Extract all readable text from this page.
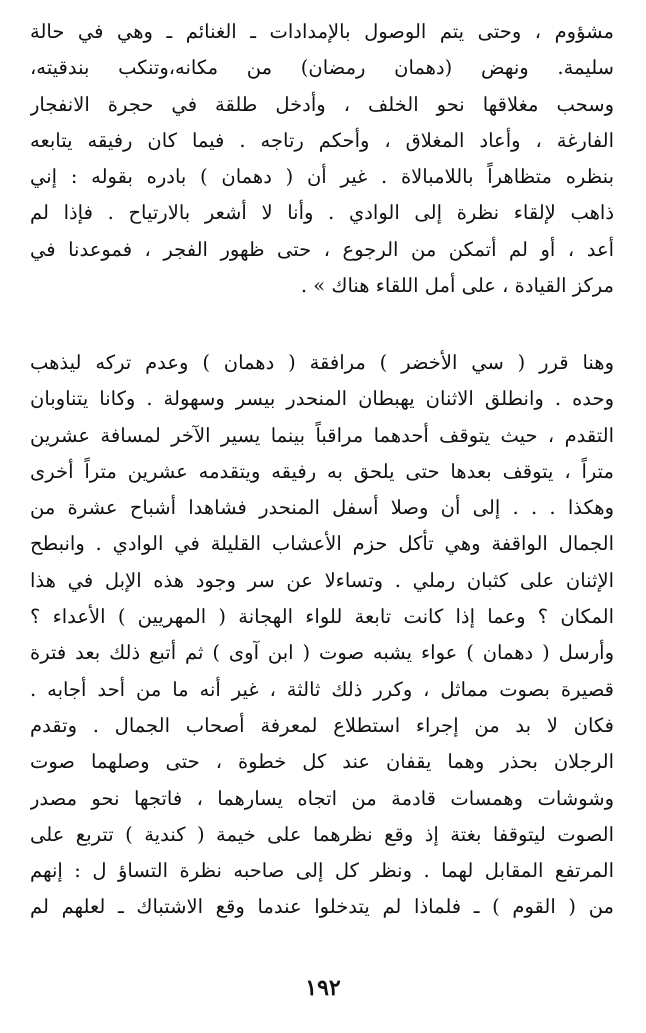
مشؤوم ، وحتى يتم الوصول بالإمدادات ـ الغنائم ـ وهي في حالة
سليمة. ونهض (دهمان رمضان) من مكانه،وتنكب بندقيته،
وسحب مغلاقها نحو الخلف ، وأدخل طلقة في حجرة الانفجار
الفارغة ، وأعاد المغلاق ، وأحكم رتاجه . فيما كان رفيقه يتابعه
بنظره متظاهراً باللامبالاة . غير أن ( دهمان ) بادره بقوله : إني
ذاهب لإلقاء نظرة إلى الوادي . وأنا لا أشعر بالارتياح . فإذا لم
أعد ، أو لم أتمكن من الرجوع ، حتى ظهور الفجر ، فموعدنا في
مركز القيادة ، على أمل اللقاء هناك » .
وهنا قرر ( سي الأخضر ) مرافقة ( دهمان ) وعدم تركه ليذهب
وحده . وانطلق الاثنان يهبطان المنحدر بيسر وسهولة . وكانا يتناوبان
التقدم ، حيث يتوقف أحدهما مراقباً بينما يسير الآخر لمسافة عشرين
متراً ، يتوقف بعدها حتى يلحق به رفيقه ويتقدمه عشرين متراً أخرى
وهكذا . . . إلى أن وصلا أسفل المنحدر فشاهدا أشباح عشرة من
الجمال الواقفة وهي تأكل حزم الأعشاب القليلة في الوادي . وانبطح
الإثنان على كثبان رملي . وتساءلا عن سر وجود هذه الإبل في هذا
المكان ؟ وعما إذا كانت تابعة للواء الهجانة ( المهريين ) الأعداء ؟
وأرسل ( دهمان ) عواء يشبه صوت ( ابن آوى ) ثم أتبع ذلك بعد فترة
قصيرة بصوت مماثل ، وكرر ذلك ثالثة ، غير أنه ما من أحد أجابه .
فكان لا بد من إجراء استطلاع لمعرفة أصحاب الجمال . وتقدم
الرجلان بحذر وهما يقفان عند كل خطوة ، حتى وصلهما صوت
وشوشات وهمسات قادمة من اتجاه يسارهما ، فاتجها نحو مصدر
الصوت ليتوقفا بغتة إذ وقع نظرهما على خيمة ( كندية ) تتربع على
المرتفع المقابل لهما . ونظر كل إلى صاحبه نظرة التساؤ ل : إنهم
من ( القوم ) ـ فلماذا لم يتدخلوا عندما وقع الاشتباك ـ لعلهم لم
١٩٢
